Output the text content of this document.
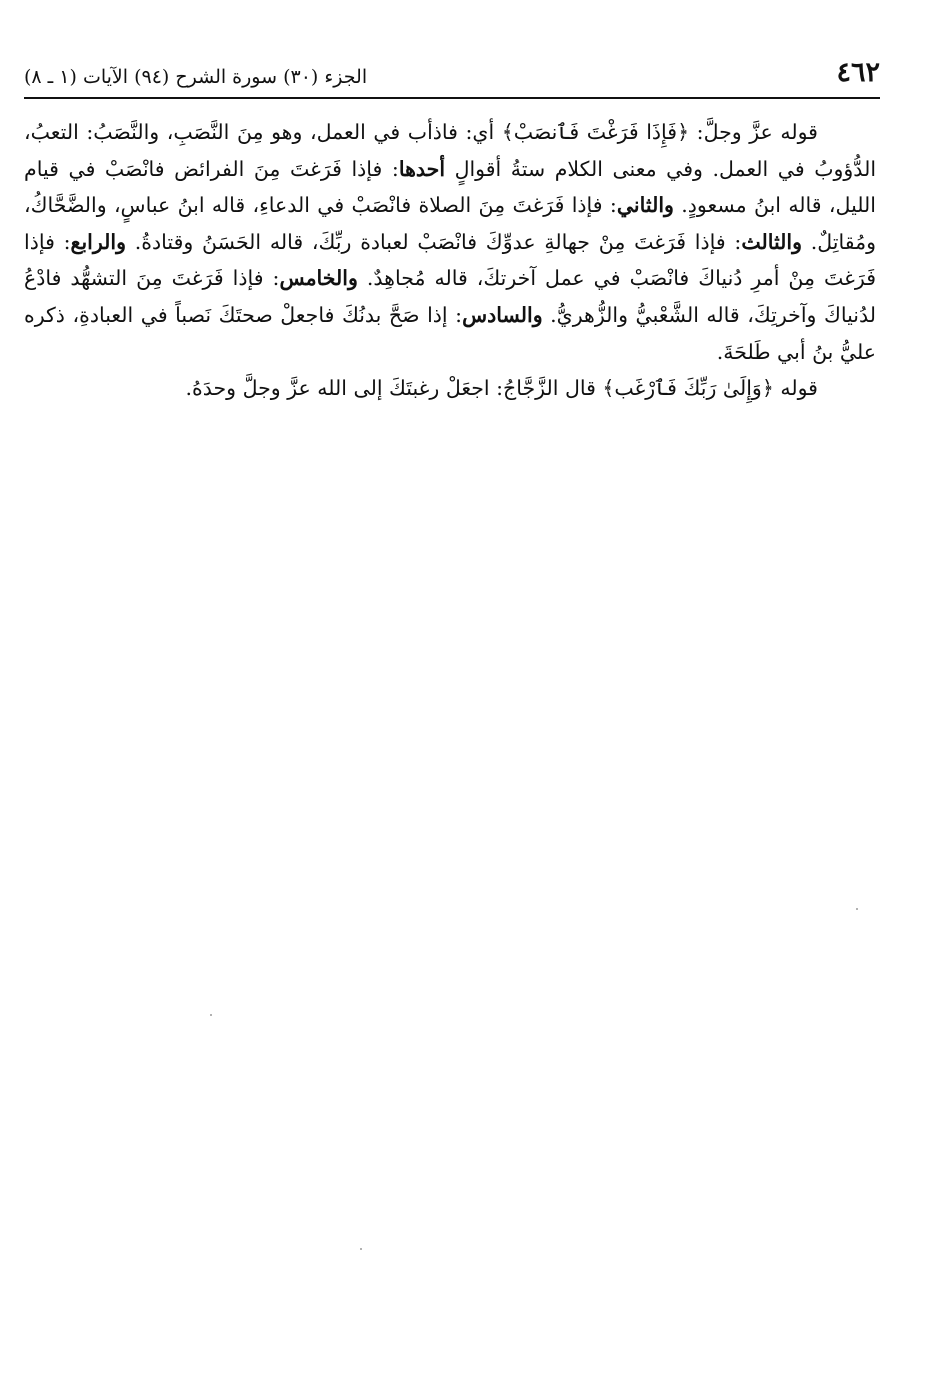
٤٦٢
الجزء (٣٠) سورة الشرح (٩٤) الآيات (١ ـ ٨)

قوله عزَّ وجلَّ: ﴿فَإِذَا فَرَغْتَ فَٱنصَبْ﴾ أي: فاذأب في العمل، وهو مِنَ النَّصَبِ، والنَّصَبُ: التعبُ، الدُّؤوبُ في العمل. وفي معنى الكلام ستةُ أقوالٍ أحدها: فإذا فَرَغتَ مِنَ الفرائض فانْصَبْ في قيام الليل، قاله ابنُ مسعودٍ. والثاني: فإذا فَرَغتَ مِنَ الصلاة فانْصَبْ في الدعاءِ، قاله ابنُ عباسٍ، والضَّحَّاكُ، ومُقاتِلٌ. والثالث: فإذا فَرَغتَ مِنْ جهالةِ عدوِّكَ فانْصَبْ لعبادة ربِّكَ، قاله الحَسَنُ وقتادةُ. والرابع: فإذا فَرَغتَ مِنْ أمرِ دُنياكَ فانْصَبْ في عمل آخرتكَ، قاله مُجاهِدٌ. والخامس: فإذا فَرَغتَ مِنَ التشهُّد فادْعُ لدُنياكَ وآخرتِكَ، قاله الشَّعْبيُّ والزُّهريُّ. والسادس: إذا صَحَّ بدنُكَ فاجعلْ صحتَكَ نَصباً في العبادةِ، ذكره عليُّ بنُ أبي طَلحَةَ.

قوله ﴿وَإِلَىٰ رَبِّكَ فَٱرْغَب﴾ قال الزَّجَّاجُ: اجعَلْ رغبتَكَ إلى الله عزَّ وجلَّ وحدَهُ.
